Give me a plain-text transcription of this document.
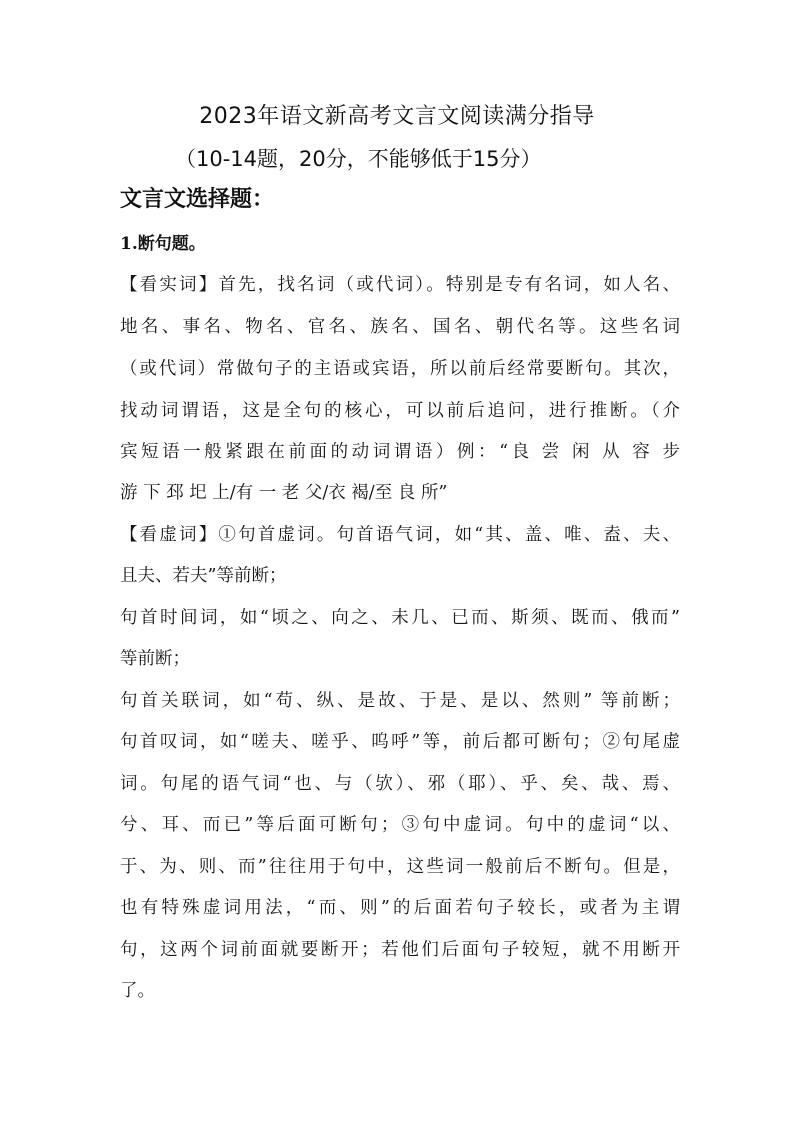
2023年语文新高考文言文阅读满分指导
（10-14题，20分，不能够低于15分）
文言文选择题：
1.断句题。
【看实词】首先，找名词（或代词）。特别是专有名词，如人名、
地名、事名、物名、官名、族名、国名、朝代名等。这些名词
（或代词）常做句子的主语或宾语，所以前后经常要断句。其次，
找动词谓语，这是全句的核心，可以前后追问，进行推断。（介
宾短语一般紧跟在前面的动词谓语）例：“良 尝 闲 从 容 步
游 下 邳 圯 上/有 一 老 父/衣 褐/至 良 所”
【看虚词】①句首虚词。句首语气词，如“其、盖、唯、盍、夫、
且夫、若夫”等前断；
句首时间词，如“顷之、向之、未几、已而、斯须、既而、俄而”
等前断；
句首关联词，如“苟、纵、是故、于是、是以、然则” 等前断；
句首叹词，如“嗟夫、嗟乎、呜呼”等，前后都可断句；②句尾虚
词。句尾的语气词“也、与（欤）、邪（耶）、乎、矣、哉、焉、
兮、耳、而已”等后面可断句；③句中虚词。句中的虚词“以、
于、为、则、而”往往用于句中，这些词一般前后不断句。但是，
也有特殊虚词用法，“而、则”的后面若句子较长，或者为主谓
句，这两个词前面就要断开；若他们后面句子较短，就不用断开
了。
